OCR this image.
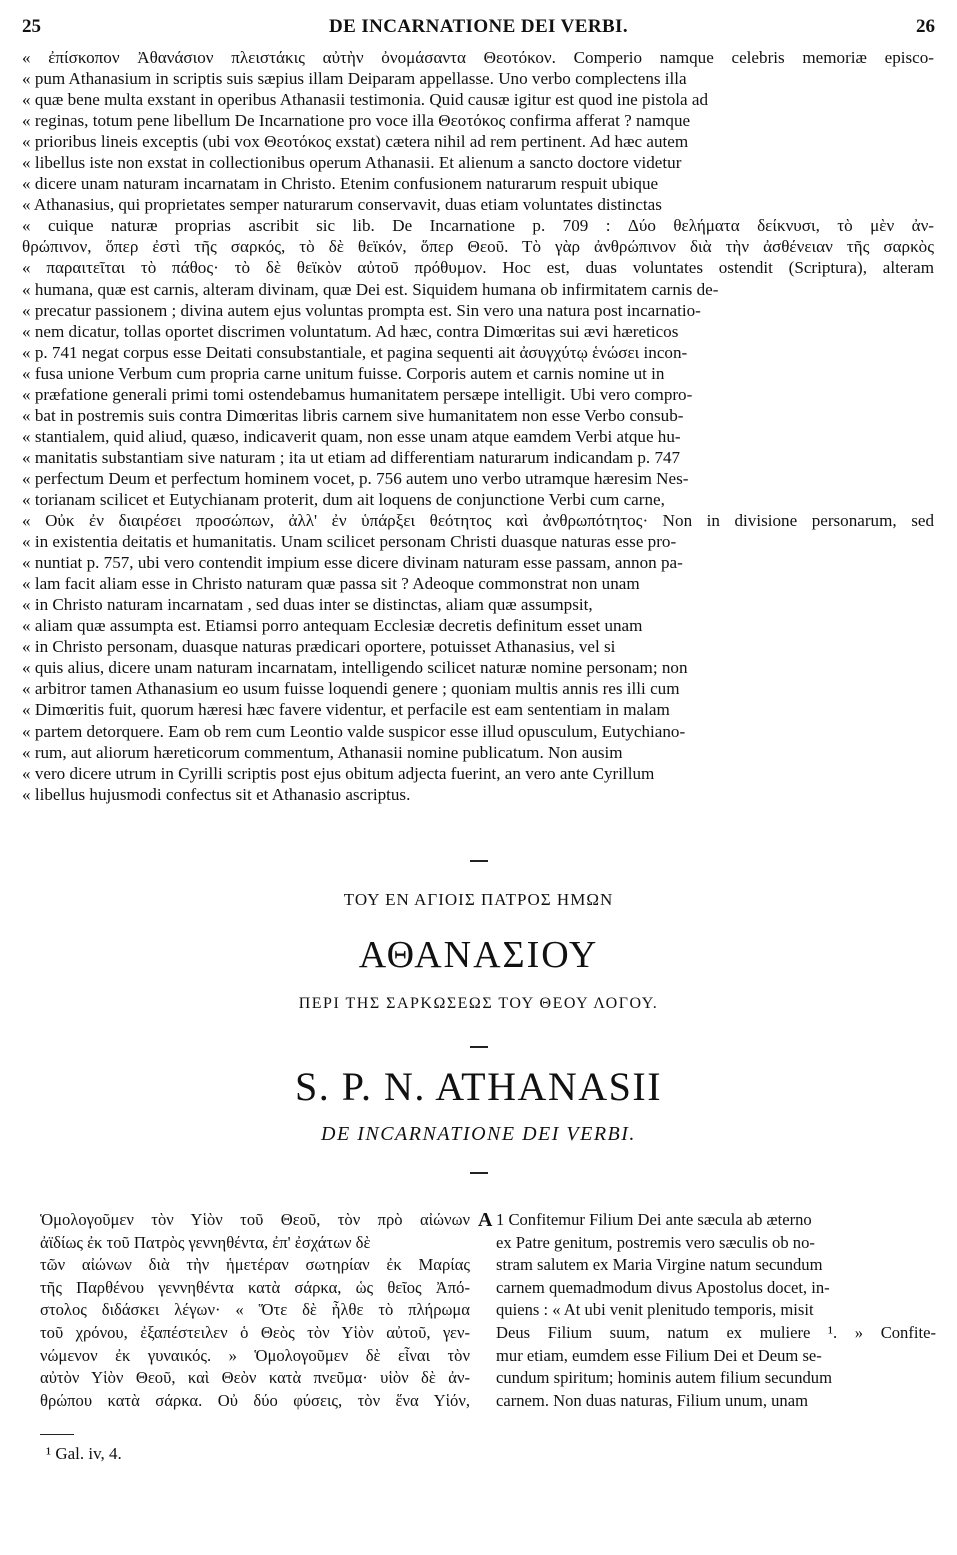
25	DE INCARNATIONE DEI VERBI.	26
« ἐπίσκοπον Ἀθανάσιον πλειστάκις αὐτὴν ὀνομάσαντα Θεοτόκον. Comperio namque celebris memoriæ episco-
« pum Athanasium in scriptis suis sæpius illam Deiparam appellasse. Uno verbo complectens illa
« quæ bene multa exstant in operibus Athanasii testimonia. Quid causæ igitur est quod ine pistola ad
« reginas, totum pene libellum De Incarnatione pro voce illa Θεοτόκος confirma afferat ? namque
« prioribus lineis exceptis (ubi vox Θεοτόκος exstat) cætera nihil ad rem pertinent. Ad hæc autem
« libellus iste non exstat in collectionibus operum Athanasii. Et alienum a sancto doctore videtur
« dicere unam naturam incarnatam in Christo. Etenim confusionem naturarum respuit ubique
« Athanasius, qui proprietates semper naturarum conservavit, duas etiam voluntates distinctas
« cuique naturæ proprias ascribit sic lib. De Incarnatione p. 709 : Δύο θελήματα δείκνυσι, τὸ μὲν ἀν-
θρώπινον, ὅπερ ἐστὶ τῆς σαρκός, τὸ δὲ θεϊκόν, ὅπερ Θεοῦ. Τὸ γὰρ ἀνθρώπινον διὰ τὴν ἀσθένειαν τῆς σαρκὸς
« παραιτεῖται τὸ πάθος· τὸ δὲ θεϊκὸν αὐτοῦ πρόθυμον. Hoc est, duas voluntates ostendit (Scriptura), alteram
« humana, quæ est carnis, alteram divinam, quæ Dei est. Siquidem humana ob infirmitatem carnis de-
« precatur passionem ; divina autem ejus voluntas prompta est. Sin vero una natura post incarnatio-
« nem dicatur, tollas oportet discrimen voluntatum. Ad hæc, contra Dimœritas sui ævi hæreticos
« p. 741 negat corpus esse Deitati consubstantiale, et pagina sequenti ait ἀσυγχύτῳ ἑνώσει incon-
« fusa unione Verbum cum propria carne unitum fuisse. Corporis autem et carnis nomine ut in
« præfatione generali primi tomi ostendebamus humanitatem persæpe intelligit. Ubi vero compro-
« bat in postremis suis contra Dimœritas libris carnem sive humanitatem non esse Verbo consub-
« stantialem, quid aliud, quæso, indicaverit quam, non esse unam atque eamdem Verbi atque hu-
« manitatis substantiam sive naturam ; ita ut etiam ad differentiam naturarum indicandam p. 747
« perfectum Deum et perfectum hominem vocet, p. 756 autem uno verbo utramque hæresim Nes-
« torianam scilicet et Eutychianam proterit, dum ait loquens de conjunctione Verbi cum carne,
« Οὐκ ἐν διαιρέσει προσώπων, ἀλλ' ἐν ὑπάρξει θεότητος καὶ ἀνθρωπότητος· Non in divisione personarum, sed
« in existentia deitatis et humanitatis. Unam scilicet personam Christi duasque naturas esse pro-
« nuntiat p. 757, ubi vero contendit impium esse dicere divinam naturam esse passam, annon pa-
« lam facit aliam esse in Christo naturam quæ passa sit ? Adeoque commonstrat non unam
« in Christo naturam incarnatam , sed duas inter se distinctas, aliam quæ assumpsit,
« aliam quæ assumpta est. Etiamsi porro antequam Ecclesiæ decretis definitum esset unam
« in Christo personam, duasque naturas prædicari oportere, potuisset Athanasius, vel si
« quis alius, dicere unam naturam incarnatam, intelligendo scilicet naturæ nomine personam; non
« arbitror tamen Athanasium eo usum fuisse loquendi genere ; quoniam multis annis res illi cum
« Dimœritis fuit, quorum hæresi hæc favere videntur, et perfacile est eam sententiam in malam
« partem detorquere. Eam ob rem cum Leontio valde suspicor esse illud opusculum, Eutychiano-
« rum, aut aliorum hæreticorum commentum, Athanasii nomine publicatum. Non ausim
« vero dicere utrum in Cyrilli scriptis post ejus obitum adjecta fuerint, an vero ante Cyrillum
« libellus hujusmodi confectus sit et Athanasio ascriptus.
ΤΟΥ ΕΝ ΑΓΙΟΙΣ ΠΑΤΡΟΣ ΗΜΩΝ
ΑΘΑΝΑΣΙΟΥ
ΠΕΡΙ ΤΗΣ ΣΑΡΚΩΣΕΩΣ ΤΟΥ ΘΕΟΥ ΛΟΓΟΥ.
S. P. N. ATHANASII
DE INCARNATIONE DEI VERBI.
Ὁμολογοῦμεν τὸν Υἱὸν τοῦ Θεοῦ, τὸν πρὸ αἰώνων
ἀϊδίως ἐκ τοῦ Πατρὸς γεννηθέντα, ἐπ' ἐσχάτων δὲ
τῶν αἰώνων διὰ τὴν ἡμετέραν σωτηρίαν ἐκ Μαρίας
τῆς Παρθένου γεννηθέντα κατὰ σάρκα, ὡς θεῖος Ἀπό-
στολος διδάσκει λέγων· « Ὅτε δὲ ἦλθε τὸ πλήρωμα
τοῦ χρόνου, ἐξαπέστειλεν ὁ Θεὸς τὸν Υἱὸν αὐτοῦ, γεν-
νώμενον ἐκ γυναικός. » Ὁμολογοῦμεν δὲ εἶναι τὸν
αὐτὸν Υἱὸν Θεοῦ, καὶ Θεὸν κατὰ πνεῦμα· υἱὸν δὲ ἀν-
θρώπου κατὰ σάρκα. Οὐ δύο φύσεις, τὸν ἕνα Υἱόν,
A 1 Confitemur Filium Dei ante sæcula ab æterno
ex Patre genitum, postremis vero sæculis ob no-
stram salutem ex Maria Virgine natum secundum
carnem quemadmodum divus Apostolus docet, in-
quiens : « At ubi venit plenitudo temporis, misit
Deus Filium suum, natum ex muliere ¹. » Confite-
mur etiam, eumdem esse Filium Dei et Deum se-
cundum spiritum; hominis autem filium secundum
carnem. Non duas naturas, Filium unum, unam
¹ Gal. iv, 4.
